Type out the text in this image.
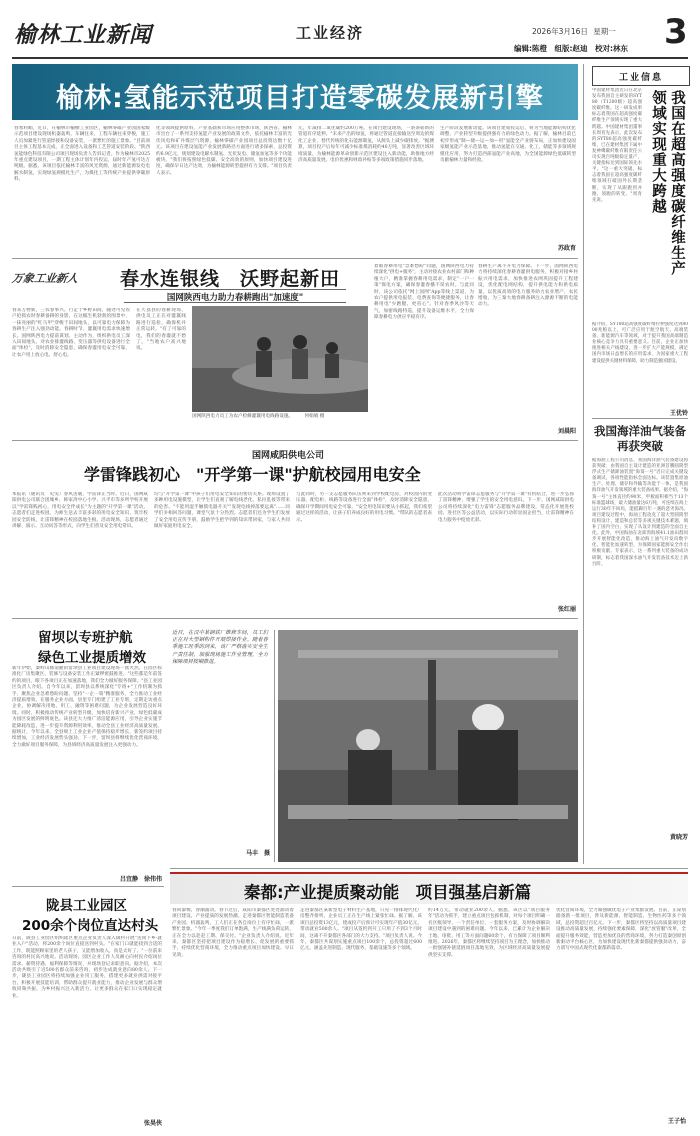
榆林工业新闻	工业经济	2026年3月16日 星期一 3
编辑:陈橙　组版:赵迪　校对:林东
榆林:氢能示范项目打造零碳发展新引擎
春寒料峭，近日，在榆林市榆横工业园区，榆林零碳产业园国家级示范项目建设现场机器轰鸣、车辆往来，工程车辆往来穿梭，施工人员加紧进行管道焊接和设备安装，一派繁忙的施工景象。"目前项目主体工程基本完成，正全面进入设备和工艺管道安装阶段。"陕西氢能绿色科技有限公司项目现场负责人告诉记者，作为榆林市2025年重点建设项目，一期工程主体计划年内投运，届时年产氢可达万吨级。据悉，该项目依托榆林丰富的风光资源，通过新能源发电电解水制氢，实现绿氢规模化生产，为煤化工等传统产业提供零碳原料。
化等领域提供原料，产业基础和市场应用整体市场，陕西省、榆林市出台了一系列支持氢能产业发展的政策文件，依托榆林丰富的光伏风电和矿井煤层气资源，榆林零碳产业园项目总投资达数十亿元。该项目在建设氢能产业发展新路径方面进行诸多探索，总投资约6.9亿元，规划建设电解水制氢、光伏发电、储氢加氢等多个功能板块。"我们将按照绿色低碳、安全高效的原则，加快项目建设进度，确保早日达产达效，为榆林能源转型提供有力支撑。"项目负责人表示。
元，年减排二氧化碳约200万吨。在项目建设现场，一条条崭新的管道有序延伸。"未来产出的绿氢，将通过管道直接输送至周边的煤化工企业，替代传统的化石能源制氢，从源头上减少碳排放。"据测算，项目投产后每年可减少标准煤消耗约40万吨，显著改善区域环境质量，为榆林能源革命创新示范区建设注入新动能，助推地方经济高质量发展。电价优惠和财政补贴等多项政策措施同步落地。
生产阶段发展新动能。该项目建成投运后，将为当地能源结构优化调整、产业转型升级提供强有力的绿色动力。据了解，榆林目前已初步形成"制—储—运—加—用"氢能全产业链布局，正加快建设国家级氢能产业示范基地，推动氢能在交通、化工、储能等多领域规模化应用，努力打造西部氢能产业高地，为全国能源绿色低碳转型贡献榆林力量和经验。
苏政育
工业信息
中国建材集团近日在北京发布我国自主研发的SYT80（T1200级）超高强度碳纤维。这一研发成果标志着我国在超高强度碳纤维生产领域实现了重大跨越。中国建材集团董事长周育先表示，此次发布的SYT80超高强度碳纤维，已在建材集团下属中复神鹰碳纤维有限责任公司实现百吨级稳定量产，关键指标达到国际领先水平。"这一重大突破，标志着我国在超高强度碳纤维领域打破国外长期垄断，实现了从跟跑到并跑、领跑的转变。"周育先说。	我国在超高强度碳纤维生产领域实现重大跨越
据介绍，SYT80超高强度碳纤维拉伸强度达到8000兆帕以上，可广泛应用于航空航天、高端装备、新能源汽车等领域，对于提升我国高端制造业核心竞争力具有重要意义。目前，企业正加快推进相关产线建设，进一步扩大产能规模，满足国内市场日益增长的应用需求，为国家重大工程建设提供关键材料保障，助力制造强国建设。
王优铃
我国海洋油气装备再获突破
据海油工程公司消息，我国海洋油气装备建设再获突破：由我国自主设计建造的亚洲首艘圆筒型浮式生产储卸油装置"海葵一号"近日完成关键设备调试，各项性能指标全面达标。该装置集原油生产、处理、储存和外输等功能于一体，是我国海洋油气开发领域的重大装备成果。据介绍，"海葵一号"主体直径约90米，甲板面积相当于13个标准篮球场，最大储油量达6万吨，可连续在海上运行30年不回坞，能抵御百年一遇的恶劣海况。项目建设过程中，海油工程攻克了超大型圆筒型结构设计、建造和总装等多项关键技术难题，填补了国内空白，实现了从设计到建造的全面自主化。此外，中国海油在北部湾海域41.1油田群同步开展智能化改造，推动海上油气开发向数字化、智能化加速转型，为保障国家能源安全作出积极贡献。专家表示，这一系列重大装备的成功研制，标志着我国深水油气开发装备技术迈上新台阶。
黄晓芳
万象工业新人	春水连银线　沃野起新田
国网陕西电力助力春耕跑出"加速度"
春来万物新，三农春事兴。行走于乡野田间，随处可见农户抢抓农时春耕备耕的身影，在这幅生机勃勃的图景中，一抹亮丽的"红马甲"穿梭于田间地头，以可靠电力保障为春耕生产注入强劲动能。春耕时节，灌溉用电需求快速增长。国网陕西电力提前谋划、主动作为，组织供电员工深入田间地头，对农业排灌线路、变压器等供电设备进行全面"体检"，及时消除安全隐患，确保春灌用电安全可靠，让农户用上放心电、舒心电。
在大荔县的春耕现场，供电员工正在对灌溉线路进行巡检，确保机井正常运转。"有了可靠的电，我们的春灌就不愁了。"当地农户高兴地说。
国网陕西电力员工为农户检修灌溉用电线路设施。　　　何娟娟 摄
着眼春耕用电"急难愁盼"问题，国网陕西电力持续深化"供电+服务"，主动对接农业农村部门和种植大户，精准掌握春耕用电需求，制定"一户一策"保电方案，确保春灌春播不误农时。与此同时，该公司依托"网上国网"App等线上渠道，为农户提供用电报装、电费查询等便捷服务，让春耕用电"少跑腿、更省心"。针对春季风沙等天气，加密线路特巡，提升设备运维水平，全力保障春耕电力供应平稳有序。
春耕生产离不开电力保障。下一步，国网陕西电力将持续深化春耕春灌供电服务，积极对接乡村振兴用电需求，加快推进农网巩固提升工程建设，优化配电网结构，提升供电能力和供电质量，以优质高效的电力服务助力农业增产、农民增收，为三秦大地春耕备耕注入源源不断的电能动力。
刘晨阳
国网咸阳供电公司
学雷锋践初心　"开学第一课"护航校园用电安全
本报讯（通讯员　史雯）春风送暖，学雷锋正当时。近日，国网咸阳供电公司联合团城乡、韩家湾中心小学、兴平市等多所学校开展以"学雷锋践初心，用电安全伴成长"为主题的"开学第一课"活动，志愿者们走进校园，为师生送去丰富多彩的用电安全知识，筑牢校园安全防线，让雷锋精神在校园落地生根。活动现场，志愿者通过讲解、演示、互动问答等形式，向学生们普及安全用电常识。
均与"开学第一课"中孩子们用电安全知识的密切关系。现场设置了多种用电设施模型，让学生们直观了解电线老化、私拉乱接等带来的危害。"不能用湿手触摸电器开关""发现电线掉落要远离"……同学们争相回答问题，课堂气氛十分热烈。志愿者们还为学生们发放了安全用电宣传手册，鼓励学生把学到的知识带回家，与家人共同做好家庭用电安全。
与此同时，另一支志愿服务队伍则来到学校配电房，对校园内的变压器、配电柜、线路等设备进行全面"体检"，及时消除安全隐患，确保开学期间用电安全可靠。"安全用电知识要从小抓起，我们希望通过这样的活动，让孩子们养成良好的用电习惯。"带队的志愿者表示。
此次活动将学雷锋志愿服务与"开学第一课"有机结合，进一步弘扬了雷锋精神，增强了学生的安全用电意识。下一步，国网咸阳供电公司将持续深化"电力雷锋"志愿服务品牌建设，常态化开展进校园、进社区等公益活动，以实际行动彰显国企担当，让雷锋精神在电力服务中绽放光彩。
张红丽
留坝以专班护航
绿色工业提质增效
新年伊始，秦岭山脉南麓的留坝县工业项目建设现场一派火热。在园区标准化厂房集聚区，装修与设备安装工作正紧锣密鼓推进。"这些都是年前签约的项目，眼下各项目正在加速落地，我们全力做好服务保障。"县工业园区负责人介绍。自今年以来，留坝县以系统深化"专班+"工作机制为抓手，聚焦企业急难愁盼问题，坚持"一企一策"精准服务，全力推动工业经济提质增效。在服务企业方面，县里专门组建了工业专班，定期走访重点企业，协调解决用地、用工、融资等困难问题，为企业发展营造良好环境。同时，积极推动传统产业转型升级，加快培育新兴产业，绿色低碳成为园区发展的鲜明底色。该县还大力推广清洁能源应用，引导企业实施节能降耗改造，进一步提升资源利用效率，推动全县工业经济高质量发展。据统计，今年以来，全县规上工业企业产值保持稳步增长，新签约项目持续增加，工业经济发展势头强劲。下一步，留坝县将继续优化营商环境，全力做好项目服务保障，为县域经济高质量发展注入更强动力。
吕宜静　徐伟伟
近日，在汉中某钢铁厂维修车间，员工们正在对大型钢构件开展焊接作业。随着春季施工旺季的到来，该厂严格落实安全生产责任制，加强现场施工作业管理，全力保障项目按期推进。
马丰　摄
陇县工业园区
200余个岗位直达村头
日前，陇县工业园区组织辖区重点企业负责人深入镇村开展"送岗下乡·就业入户"活动，将200余个岗位直接送到村头。"在家门口就能找到合适的工作，既能照顾家里的老人孩子，又能增加收入，真是太好了。"一位前来咨询的村民高兴地说。活动现场，园区企业工作人员耐心向村民介绍岗位需求、薪资待遇、福利保障等情况，并现场登记求职意向。据介绍，本次活动共吸引了近500名群众前来咨询，初步达成就业意向80余人。下一步，陇县工业园区将持续加强企业用工服务，搭建更多就业供需对接平台，积极开展技能培训，帮助群众提升就业能力，推动企业发展与群众增收同频共振，为乡村振兴注入新活力，让更多群众在家门口实现稳定就业。
张昊侠
秦都:产业提质聚动能　项目强基启新篇
春回秦塬，春潮涌动。春节过后，咸阳市秦都区处处涌动着项目建设、产业提质的发展热潮。走进秦都区智能制造装备产业园，机器轰鸣，工人们正在各自岗位上有序忙碌，一派繁忙景象。"今年一季度我们订单饱满，生产线满负荷运转，正在全力以赴赶工期、保交付。"企业负责人介绍说。近年来，秦都区坚持把项目建设作为稳增长、促发展的重要抓手，持续优化营商环境，全力推动重点项目加快建设、早日见效。
走进秦都区某新型电子材料生产基地，只见一排排现代化厂房整齐排列，企业员工正在生产线上紧张忙碌。据了解，该项目总投资13亿元，建成投产后预计可实现年产值30亿元，带动就业500余人。"项目从签约到开工只用了不到3个月时间，这离不开秦都区各部门的大力支持。"项目负责人说。今年，秦都区共谋划实施重点项目100余个，总投资超过600亿元，涵盖先进制造、现代服务、基础设施等多个领域。
约14万元，带动就业200余人。据悉，该区以"项目服务年"活动为抓手，建立重点项目包抓机制，对每个项目明确一名区级领导、一个责任单位、一套服务方案，及时协调解决项目建设中遇到的困难问题。今年以来，已累计为企业解决土地、审批、用工等方面问题60余个，有力保障了项目顺利推进。2026年，秦都区将继续坚持项目为王理念，加快推动一批强链补链延链项目落地见效，为区域经济高质量发展提供坚实支撑。
优化营商环境，全力做强做优电子产业集群发展。目前，正谋划储备新一批项目，涉及新能源、智能制造、生物医药等多个领域，总投资超过百亿元。下一步，秦都区将坚持以高质量项目建设推动高质量发展，持续强化要素保障，深化"放管服"改革，全面提升服务效能，营造更加优良的营商环境，努力打造秦创原创新驱动平台核心区，为加快建设现代化新秦都提供强劲动力，奋力谱写中国式现代化秦都新篇章。
王子怡
